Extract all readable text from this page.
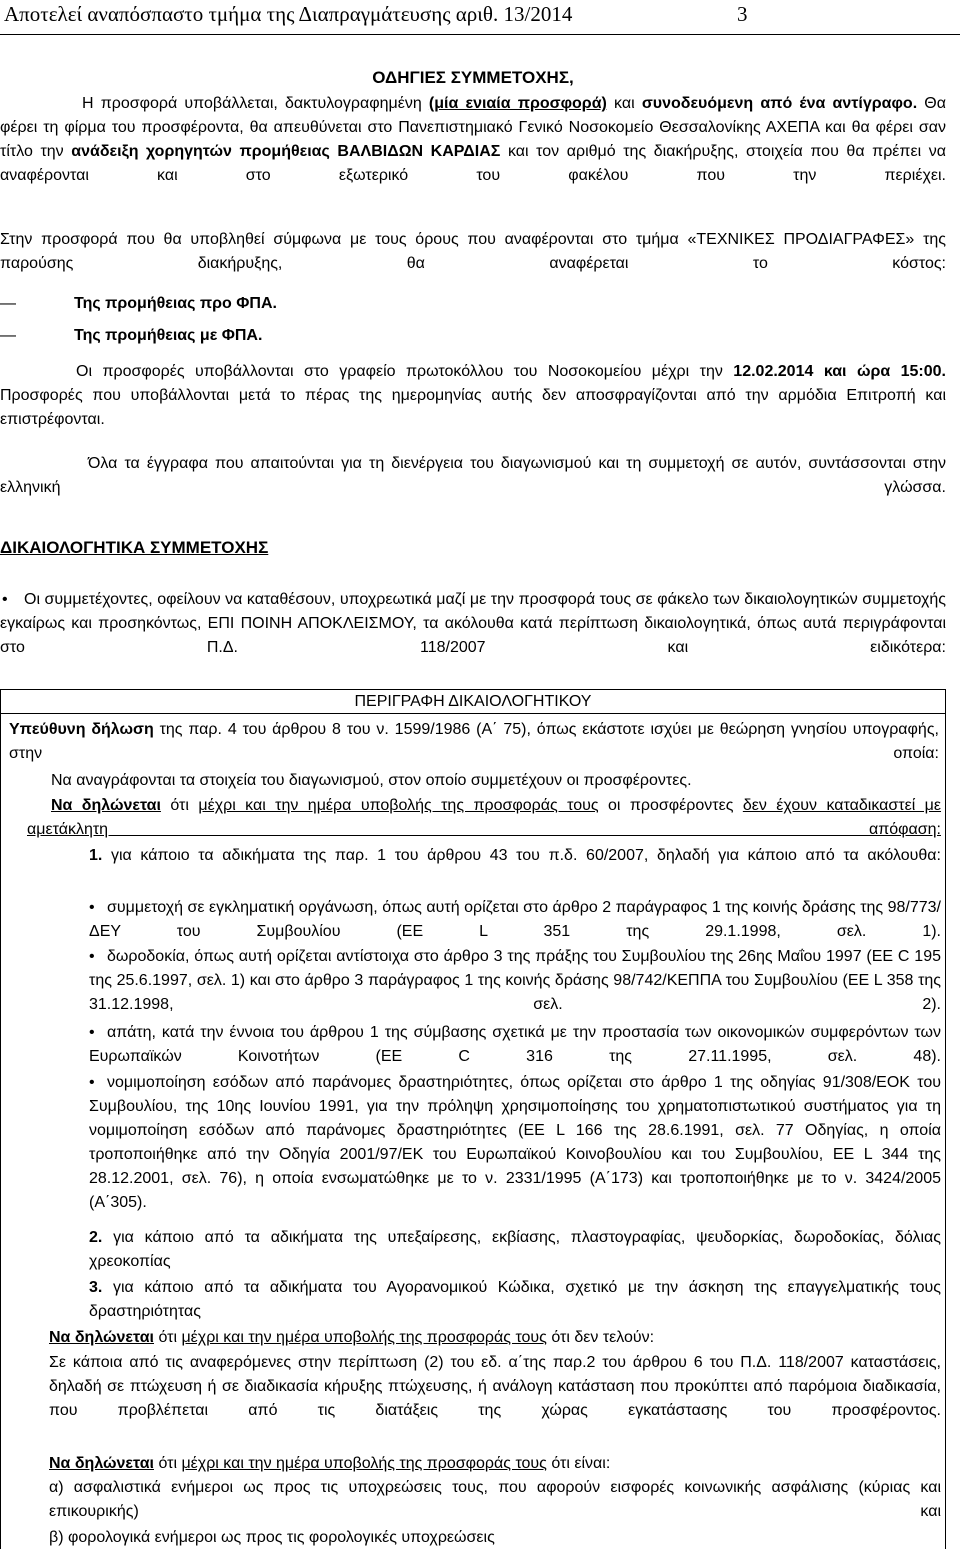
Αποτελεί αναπόσπαστο τμήμα της Διαπραγμάτευσης αριθ. 13/2014	3
ΟΔΗΓΙΕΣ ΣΥΜΜΕΤΟΧΗΣ,
Η προσφορά υποβάλλεται, δακτυλογραφημένη (μία ενιαία προσφορά) και συνοδευόμενη από ένα αντίγραφο. Θα φέρει τη φίρμα του προσφέροντα, θα απευθύνεται στο Πανεπιστημιακό Γενικό Νοσοκομείο Θεσσαλονίκης ΑΧΕΠΑ και θα φέρει σαν τίτλο την ανάδειξη χορηγητών προμήθειας ΒΑΛΒΙΔΩΝ ΚΑΡΔΙΑΣ και τον αριθμό της διακήρυξης, στοιχεία που θα πρέπει να αναφέρονται και στο εξωτερικό του φακέλου που την περιέχει.
Στην προσφορά που θα υποβληθεί σύμφωνα με τους όρους που αναφέρονται στο τμήμα «ΤΕΧΝΙΚΕΣ ΠΡΟΔΙΑΓΡΑΦΕΣ» της παρούσης διακήρυξης, θα αναφέρεται το κόστος:
—	Της προμήθειας προ ΦΠΑ.
—	Της προμήθειας με ΦΠΑ.
Οι προσφορές υποβάλλονται στο γραφείο πρωτοκόλλου του Νοσοκομείου μέχρι την 12.02.2014 και ώρα 15:00. Προσφορές που υποβάλλονται μετά το πέρας της ημερομηνίας αυτής δεν αποσφραγίζονται από την αρμόδια Επιτροπή και επιστρέφονται.
Όλα τα έγγραφα που απαιτούνται για τη διενέργεια του διαγωνισμού και τη συμμετοχή σε αυτόν, συντάσσονται στην ελληνική γλώσσα.
ΔΙΚΑΙΟΛΟΓΗΤΙΚΑ ΣΥΜΜΕΤΟΧΗΣ
• Οι συμμετέχοντες, οφείλουν να καταθέσουν, υποχρεωτικά μαζί με την προσφορά τους σε φάκελο των δικαιολογητικών συμμετοχής εγκαίρως και προσηκόντως, ΕΠΙ ΠΟΙΝΗ ΑΠΟΚΛΕΙΣΜΟΥ, τα ακόλουθα κατά περίπτωση δικαιολογητικά, όπως αυτά περιγράφονται στο Π.Δ. 118/2007 και ειδικότερα:
ΠΕΡΙΓΡΑΦΗ ΔΙΚΑΙΟΛΟΓΗΤΙΚΟΥ
Υπεύθυνη δήλωση της παρ. 4 του άρθρου 8 του ν. 1599/1986 (Α΄ 75), όπως εκάστοτε ισχύει με θεώρηση γνησίου υπογραφής, στην οποία:
Να αναγράφονται τα στοιχεία του διαγωνισμού, στον οποίο συμμετέχουν οι προσφέροντες.
Να δηλώνεται ότι μέχρι και την ημέρα υποβολής της προσφοράς τους οι προσφέροντες δεν έχουν καταδικαστεί με αμετάκλητη απόφαση:
1. για κάποιο τα αδικήματα της παρ. 1 του άρθρου 43 του π.δ. 60/2007, δηλαδή για κάποιο από τα ακόλουθα:
• συμμετοχή σε εγκληματική οργάνωση, όπως αυτή ορίζεται στο άρθρο 2 παράγραφος 1 της κοινής δράσης της 98/773/ΔΕΥ του Συμβουλίου (ΕΕ L 351 της 29.1.1998, σελ. 1).
• δωροδοκία, όπως αυτή ορίζεται αντίστοιχα στο άρθρο 3 της πράξης του Συμβουλίου της 26ης Μαΐου 1997 (ΕΕ C 195 της 25.6.1997, σελ. 1) και στο άρθρο 3 παράγραφος 1 της κοινής δράσης 98/742/ΚΕΠΠΑ του Συμβουλίου (ΕΕ L 358 της 31.12.1998, σελ. 2).
• απάτη, κατά την έννοια του άρθρου 1 της σύμβασης σχετικά με την προστασία των οικονομικών συμφερόντων των Ευρωπαϊκών Κοινοτήτων (ΕΕ C 316 της 27.11.1995, σελ. 48).
• νομιμοποίηση εσόδων από παράνομες δραστηριότητες, όπως ορίζεται στο άρθρο 1 της οδηγίας 91/308/ΕΟΚ του Συμβουλίου, της 10ης Ιουνίου 1991, για την πρόληψη χρησιμοποίησης του χρηματοπιστωτικού συστήματος για τη νομιμοποίηση εσόδων από παράνομες δραστηριότητες (ΕΕ L 166 της 28.6.1991, σελ. 77 Οδηγίας, η οποία τροποποιήθηκε από την Οδηγία 2001/97/ΕΚ του Ευρωπαϊκού Κοινοβουλίου και του Συμβουλίου, ΕΕ L 344 της 28.12.2001, σελ. 76), η οποία ενσωματώθηκε με το ν. 2331/1995 (Α΄173) και τροποποιήθηκε με το ν. 3424/2005 (Α΄305).
2. για κάποιο από τα αδικήματα της υπεξαίρεσης, εκβίασης, πλαστογραφίας, ψευδορκίας, δωροδοκίας, δόλιας χρεοκοπίας
3. για κάποιο από τα αδικήματα του Αγορανομικού Κώδικα, σχετικό με την άσκηση της επαγγελματικής τους δραστηριότητας
Να δηλώνεται ότι μέχρι και την ημέρα υποβολής της προσφοράς τους ότι δεν τελούν:
Σε κάποια από τις αναφερόμενες στην περίπτωση (2) του εδ. α΄της παρ.2 του άρθρου 6 του Π.Δ. 118/2007 καταστάσεις, δηλαδή σε πτώχευση ή σε διαδικασία κήρυξης πτώχευσης, ή ανάλογη κατάσταση που προκύπτει από παρόμοια διαδικασία, που προβλέπεται από τις διατάξεις της χώρας εγκατάστασης του προσφέροντος.
Να δηλώνεται ότι μέχρι και την ημέρα υποβολής της προσφοράς τους ότι είναι:
α) ασφαλιστικά ενήμεροι ως προς τις υποχρεώσεις τους, που αφορούν εισφορές κοινωνικής ασφάλισης (κύριας και επικουρικής) και
β) φορολογικά ενήμεροι ως προς τις φορολογικές υποχρεώσεις
